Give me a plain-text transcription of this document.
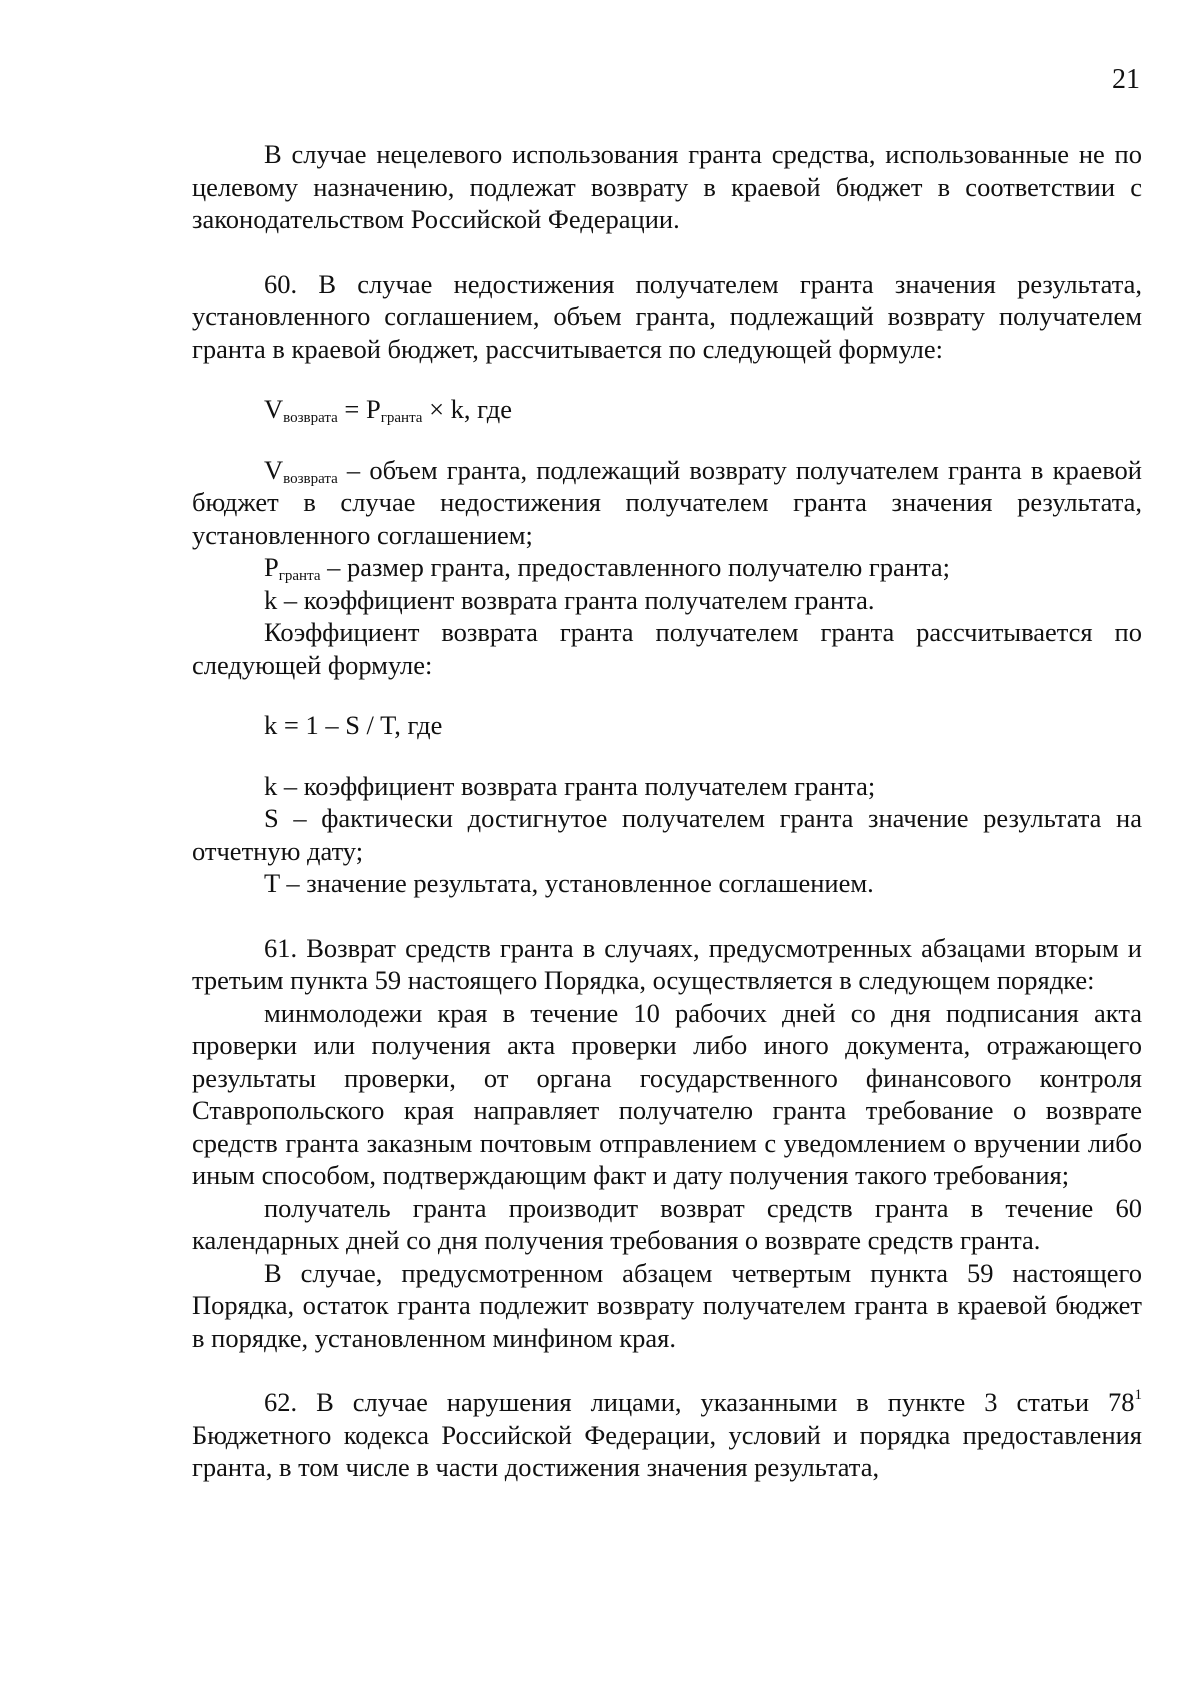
21

В случае нецелевого использования гранта средства, использованные не по целевому назначению, подлежат возврату в краевой бюджет в соответствии с законодательством Российской Федерации.

60. В случае недостижения получателем гранта значения результата, установленного соглашением, объем гранта, подлежащий возврату получателем гранта в краевой бюджет, рассчитывается по следующей формуле:

$V_{возврата} = P_{гранта} \times k$, где

$V_{возврата}$ – объем гранта, подлежащий возврату получателем гранта в краевой бюджет в случае недостижения получателем гранта значения результата, установленного соглашением;

$P_{гранта}$ – размер гранта, предоставленного получателю гранта;

k – коэффициент возврата гранта получателем гранта.

Коэффициент возврата гранта получателем гранта рассчитывается по следующей формуле:

k = 1 – S / T, где

k – коэффициент возврата гранта получателем гранта;

S – фактически достигнутое получателем гранта значение результата на отчетную дату;

T – значение результата, установленное соглашением.

61. Возврат средств гранта в случаях, предусмотренных абзацами вторым и третьим пункта 59 настоящего Порядка, осуществляется в следующем порядке:

минмолодежи края в течение 10 рабочих дней со дня подписания акта проверки или получения акта проверки либо иного документа, отражающего результаты проверки, от органа государственного финансового контроля Ставропольского края направляет получателю гранта требование о возврате средств гранта заказным почтовым отправлением с уведомлением о вручении либо иным способом, подтверждающим факт и дату получения такого требования;

получатель гранта производит возврат средств гранта в течение 60 календарных дней со дня получения требования о возврате средств гранта.

В случае, предусмотренном абзацем четвертым пункта 59 настоящего Порядка, остаток гранта подлежит возврату получателем гранта в краевой бюджет в порядке, установленном минфином края.

62. В случае нарушения лицами, указанными в пункте 3 статьи $78^1$ Бюджетного кодекса Российской Федерации, условий и порядка предоставления гранта, в том числе в части достижения значения результата,
